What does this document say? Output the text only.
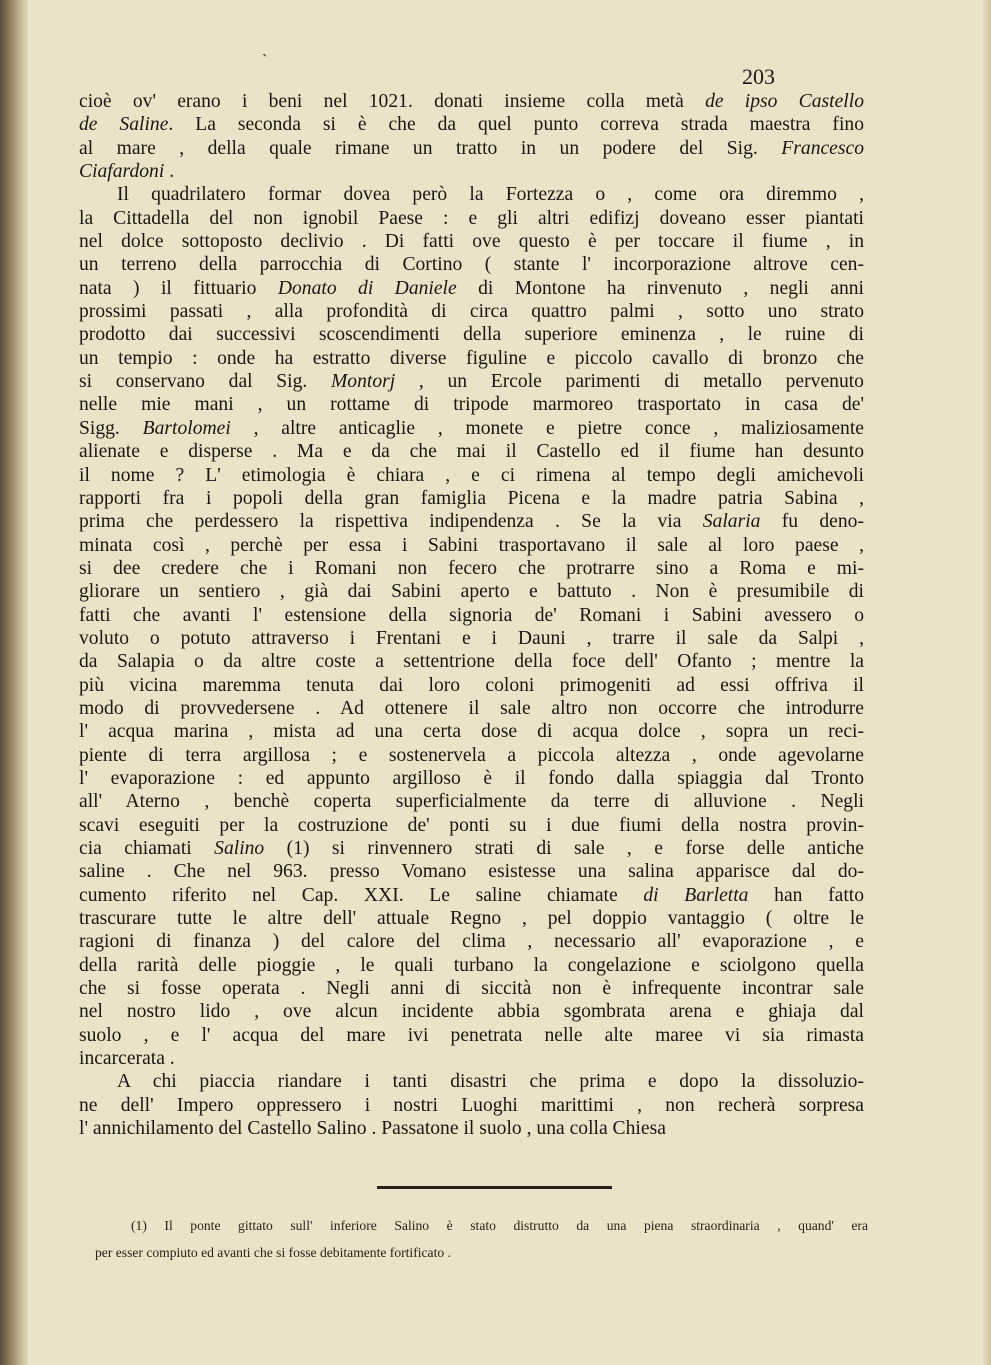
`
203
cioè ov' erano i beni nel 1021. donati insieme colla metà de ipso Castello
de Saline. La seconda si è che da quel punto correva strada maestra fino
al mare , della quale rimane un tratto in un podere del Sig. Francesco
Ciafardoni .
Il quadrilatero formar dovea però la Fortezza o , come ora diremmo ,
la Cittadella del non ignobil Paese : e gli altri edifizj doveano esser piantati
nel dolce sottoposto declivio . Di fatti ove questo è per toccare il fiume , in
un terreno della parrocchia di Cortino ( stante l' incorporazione altrove cen-
nata ) il fittuario Donato di Daniele di Montone ha rinvenuto , negli anni
prossimi passati , alla profondità di circa quattro palmi , sotto uno strato
prodotto dai successivi scoscendimenti della superiore eminenza , le ruine di
un tempio : onde ha estratto diverse figuline e piccolo cavallo di bronzo che
si conservano dal Sig. Montorj , un Ercole parimenti di metallo pervenuto
nelle mie mani , un rottame di tripode marmoreo trasportato in casa de'
Sigg. Bartolomei , altre anticaglie , monete e pietre conce , maliziosamente
alienate e disperse . Ma e da che mai il Castello ed il fiume han desunto
il nome ? L' etimologia è chiara , e ci rimena al tempo degli amichevoli
rapporti fra i popoli della gran famiglia Picena e la madre patria Sabina ,
prima che perdessero la rispettiva indipendenza . Se la via Salaria fu deno-
minata così , perchè per essa i Sabini trasportavano il sale al loro paese ,
si dee credere che i Romani non fecero che protrarre sino a Roma e mi-
gliorare un sentiero , già dai Sabini aperto e battuto . Non è presumibile di
fatti che avanti l' estensione della signoria de' Romani i Sabini avessero o
voluto o potuto attraverso i Frentani e i Dauni , trarre il sale da Salpi ,
da Salapia o da altre coste a settentrione della foce dell' Ofanto ; mentre la
più vicina maremma tenuta dai loro coloni primogeniti ad essi offriva il
modo di provvedersene . Ad ottenere il sale altro non occorre che introdurre
l' acqua marina , mista ad una certa dose di acqua dolce , sopra un reci-
piente di terra argillosa ; e sostenervela a piccola altezza , onde agevolarne
l' evaporazione : ed appunto argilloso è il fondo dalla spiaggia dal Tronto
all' Aterno , benchè coperta superficialmente da terre di alluvione . Negli
scavi eseguiti per la costruzione de' ponti su i due fiumi della nostra provin-
cia chiamati Salino (1) si rinvennero strati di sale , e forse delle antiche
saline . Che nel 963. presso Vomano esistesse una salina apparisce dal do-
cumento riferito nel Cap. XXI. Le saline chiamate di Barletta han fatto
trascurare tutte le altre dell' attuale Regno , pel doppio vantaggio ( oltre le
ragioni di finanza ) del calore del clima , necessario all' evaporazione , e
della rarità delle pioggie , le quali turbano la congelazione e sciolgono quella
che si fosse operata . Negli anni di siccità non è infrequente incontrar sale
nel nostro lido , ove alcun incidente abbia sgombrata arena e ghiaja dal
suolo , e l' acqua del mare ivi penetrata nelle alte maree vi sia rimasta
incarcerata .
A chi piaccia riandare i tanti disastri che prima e dopo la dissoluzio-
ne dell' Impero oppressero i nostri Luoghi marittimi , non recherà sorpresa
l' annichilamento del Castello Salino . Passatone il suolo , una colla Chiesa
(1) Il ponte gittato sull' inferiore Salino è stato distrutto da una piena straordinaria , quand' era
per esser compiuto ed avanti che si fosse debitamente fortificato .
